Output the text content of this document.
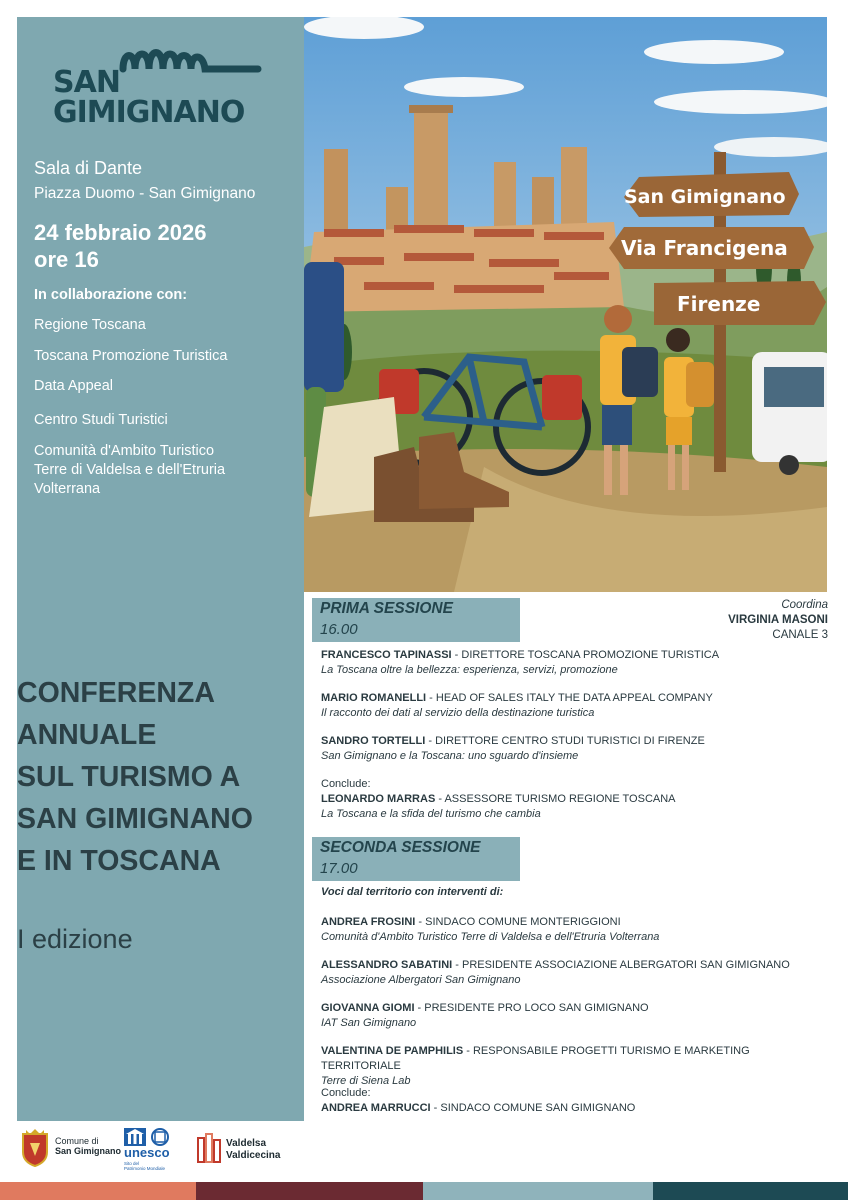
SAN
GIMIGNANO
Sala di Dante
Piazza Duomo - San Gimignano
24 febbraio 2026
ore 16
In collaborazione con:
Regione Toscana
Toscana Promozione Turistica
Data Appeal
Centro Studi Turistici
Comunità d'Ambito Turistico
Terre di Valdelsa e dell'Etruria
Volterrana
CONFERENZA
ANNUALE
SUL TURISMO A
SAN GIMIGNANO
E IN TOSCANA
I edizione
San Gimignano
Via Francigena
Firenze
Coordina
VIRGINIA MASONI
CANALE 3
PRIMA SESSIONE
16.00
FRANCESCO TAPINASSI - DIRETTORE TOSCANA PROMOZIONE TURISTICA
La Toscana oltre la bellezza: esperienza, servizi, promozione
MARIO ROMANELLI - HEAD OF SALES ITALY THE DATA APPEAL COMPANY
Il racconto dei dati al servizio della destinazione turistica
SANDRO TORTELLI - DIRETTORE CENTRO STUDI TURISTICI DI FIRENZE
San Gimignano e la Toscana: uno sguardo d'insieme
Conclude:
LEONARDO MARRAS - ASSESSORE TURISMO REGIONE TOSCANA
La Toscana e la sfida del turismo che cambia
SECONDA SESSIONE
17.00
Voci dal territorio con interventi di:
ANDREA FROSINI - SINDACO COMUNE MONTERIGGIONI
Comunità d'Ambito Turistico Terre di Valdelsa e dell'Etruria Volterrana
ALESSANDRO SABATINI - PRESIDENTE ASSOCIAZIONE ALBERGATORI SAN GIMIGNANO
Associazione Albergatori San Gimignano
GIOVANNA GIOMI - PRESIDENTE PRO LOCO SAN GIMIGNANO
IAT San Gimignano
VALENTINA DE PAMPHILIS - RESPONSABILE PROGETTI TURISMO E MARKETING TERRITORIALE
Terre di Siena Lab
Conclude:
ANDREA MARRUCCI - SINDACO COMUNE SAN GIMIGNANO
Comune di
San Gimignano unesco
Sito del
Patrimonio Mondiale
Valdelsa
Valdicecina
